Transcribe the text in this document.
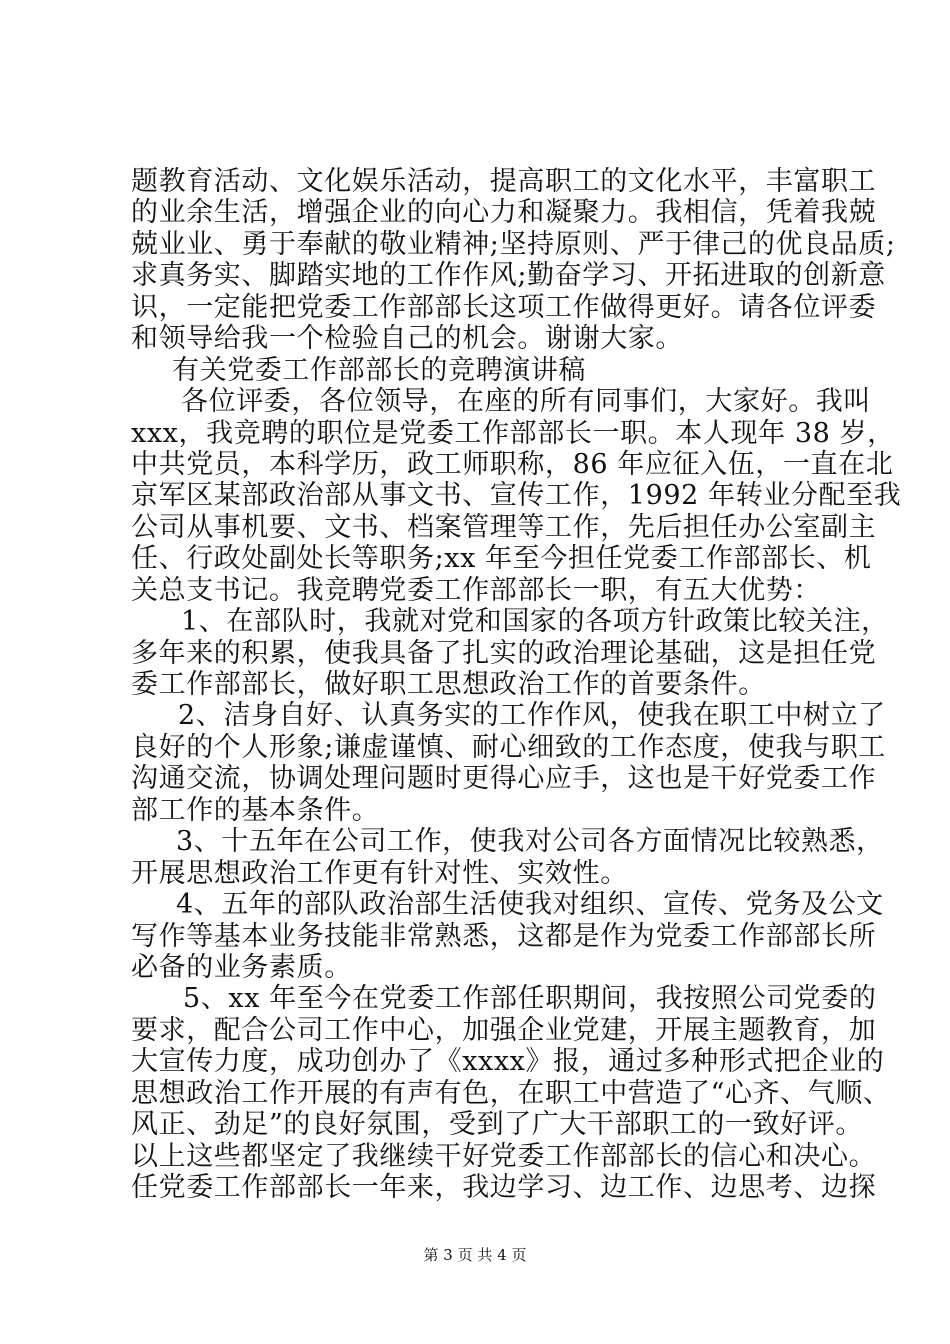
题教育活动、文化娱乐活动，提高职工的文化水平，丰富职工
的业余生活，增强企业的向心力和凝聚力。我相信，凭着我兢
兢业业、勇于奉献的敬业精神;坚持原则、严于律己的优良品质;
求真务实、脚踏实地的工作作风;勤奋学习、开拓进取的创新意
识，一定能把党委工作部部长这项工作做得更好。请各位评委
和领导给我一个检验自己的机会。谢谢大家。
有关党委工作部部长的竞聘演讲稿
各位评委，各位领导，在座的所有同事们，大家好。我叫
xxx，我竞聘的职位是党委工作部部长一职。本人现年 38 岁，
中共党员，本科学历，政工师职称，86 年应征入伍，一直在北
京军区某部政治部从事文书、宣传工作，1992 年转业分配至我
公司从事机要、文书、档案管理等工作，先后担任办公室副主
任、行政处副处长等职务;xx 年至今担任党委工作部部长、机
关总支书记。我竞聘党委工作部部长一职，有五大优势：
1、在部队时，我就对党和国家的各项方针政策比较关注，
多年来的积累，使我具备了扎实的政治理论基础，这是担任党
委工作部部长，做好职工思想政治工作的首要条件。
2、洁身自好、认真务实的工作作风，使我在职工中树立了
良好的个人形象;谦虚谨慎、耐心细致的工作态度，使我与职工
沟通交流，协调处理问题时更得心应手，这也是干好党委工作
部工作的基本条件。
3、十五年在公司工作，使我对公司各方面情况比较熟悉，
开展思想政治工作更有针对性、实效性。
4、五年的部队政治部生活使我对组织、宣传、党务及公文
写作等基本业务技能非常熟悉，这都是作为党委工作部部长所
必备的业务素质。
5、xx 年至今在党委工作部任职期间，我按照公司党委的
要求，配合公司工作中心，加强企业党建，开展主题教育，加
大宣传力度，成功创办了《xxxx》报，通过多种形式把企业的
思想政治工作开展的有声有色，在职工中营造了“心齐、气顺、
风正、劲足”的良好氛围，受到了广大干部职工的一致好评。
以上这些都坚定了我继续干好党委工作部部长的信心和决心。
任党委工作部部长一年来，我边学习、边工作、边思考、边探
第 3 页 共 4 页
